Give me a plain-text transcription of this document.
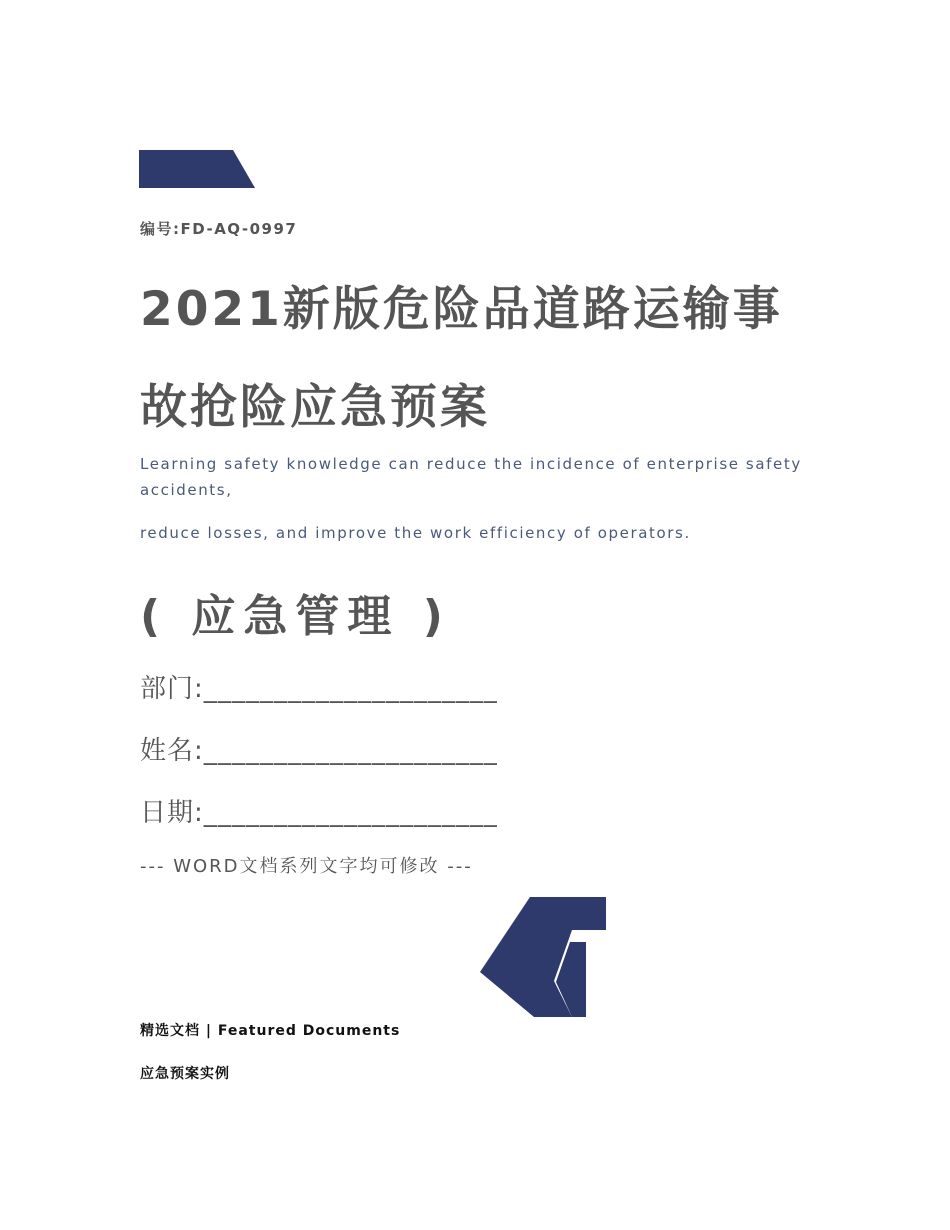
编号:FD-AQ-0997

2021新版危险品道路运输事
故抢险应急预案

Learning safety knowledge can reduce the incidence of enterprise safety accidents,

reduce losses, and improve the work efficiency of operators.

( 应急管理 )

部门:_____________________

姓名:_____________________

日期:_____________________

--- WORD文档系列文字均可修改 ---

精选文档 | Featured Documents

应急预案实例
